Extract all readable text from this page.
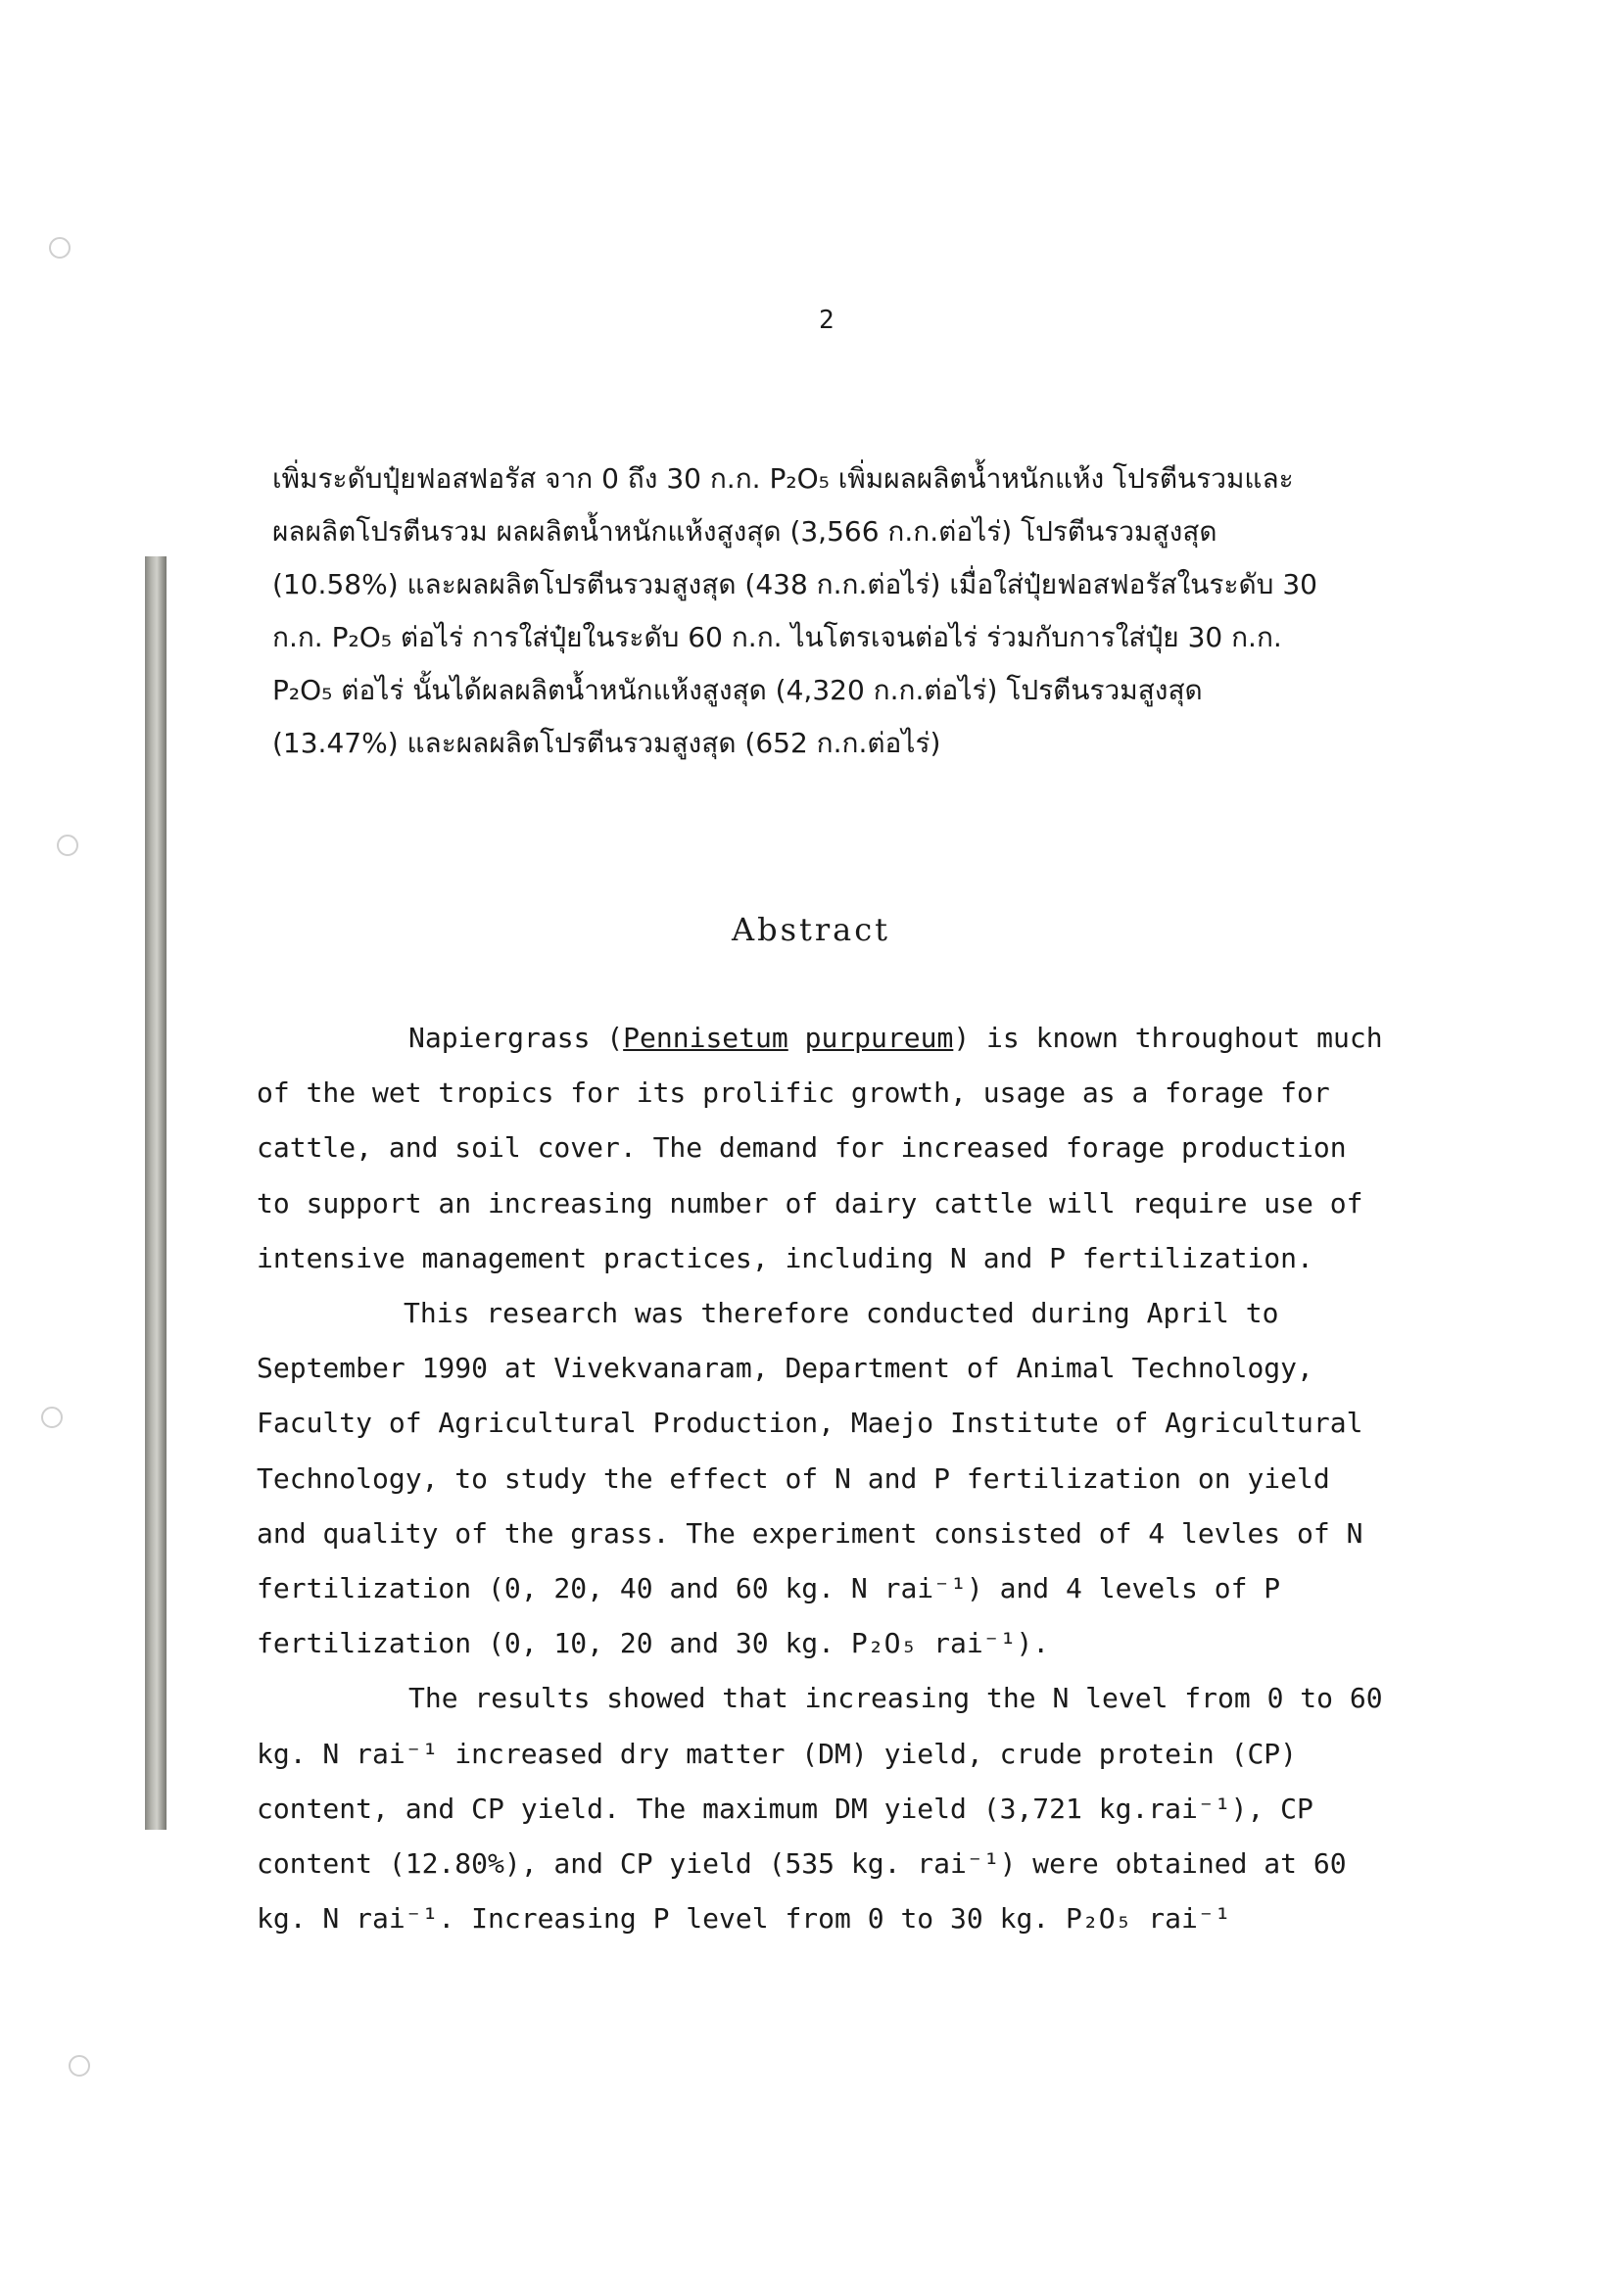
2
เพิ่มระดับปุ๋ยฟอสฟอรัส จาก 0 ถึง 30 ก.ก. P₂O₅ เพิ่มผลผลิตน้ำหนักแห้ง โปรตีนรวมและ
ผลผลิตโปรตีนรวม ผลผลิตน้ำหนักแห้งสูงสุด (3,566 ก.ก.ต่อไร่) โปรตีนรวมสูงสุด
(10.58%) และผลผลิตโปรตีนรวมสูงสุด (438 ก.ก.ต่อไร่) เมื่อใส่ปุ๋ยฟอสฟอรัสในระดับ 30
ก.ก. P₂O₅ ต่อไร่ การใส่ปุ๋ยในระดับ 60 ก.ก. ไนโตรเจนต่อไร่ ร่วมกับการใส่ปุ๋ย 30 ก.ก.
P₂O₅ ต่อไร่ นั้นได้ผลผลิตน้ำหนักแห้งสูงสุด (4,320 ก.ก.ต่อไร่) โปรตีนรวมสูงสุด
(13.47%) และผลผลิตโปรตีนรวมสูงสุด (652 ก.ก.ต่อไร่)
Abstract
Napiergrass (Pennisetum purpureum) is known throughout much
of the wet tropics for its prolific growth, usage as a forage for
cattle, and soil cover. The demand for increased forage production
to support an increasing number of dairy cattle will require use of
intensive management practices, including N and P fertilization.
This research was therefore conducted during April to
September 1990 at Vivekvanaram, Department of Animal Technology,
Faculty of Agricultural Production, Maejo Institute of Agricultural
Technology, to study the effect of N and P fertilization on yield
and quality of the grass. The experiment consisted of 4 levles of N
fertilization (0, 20, 40 and 60 kg. N rai⁻¹) and 4 levels of P
fertilization (0, 10, 20 and 30 kg. P₂O₅ rai⁻¹).
The results showed that increasing the N level from 0 to 60
kg. N rai⁻¹ increased dry matter (DM) yield, crude protein (CP)
content, and CP yield. The maximum DM yield (3,721 kg.rai⁻¹), CP
content (12.80%), and CP yield (535 kg. rai⁻¹) were obtained at 60
kg. N rai⁻¹. Increasing P level from 0 to 30 kg. P₂O₅ rai⁻¹
